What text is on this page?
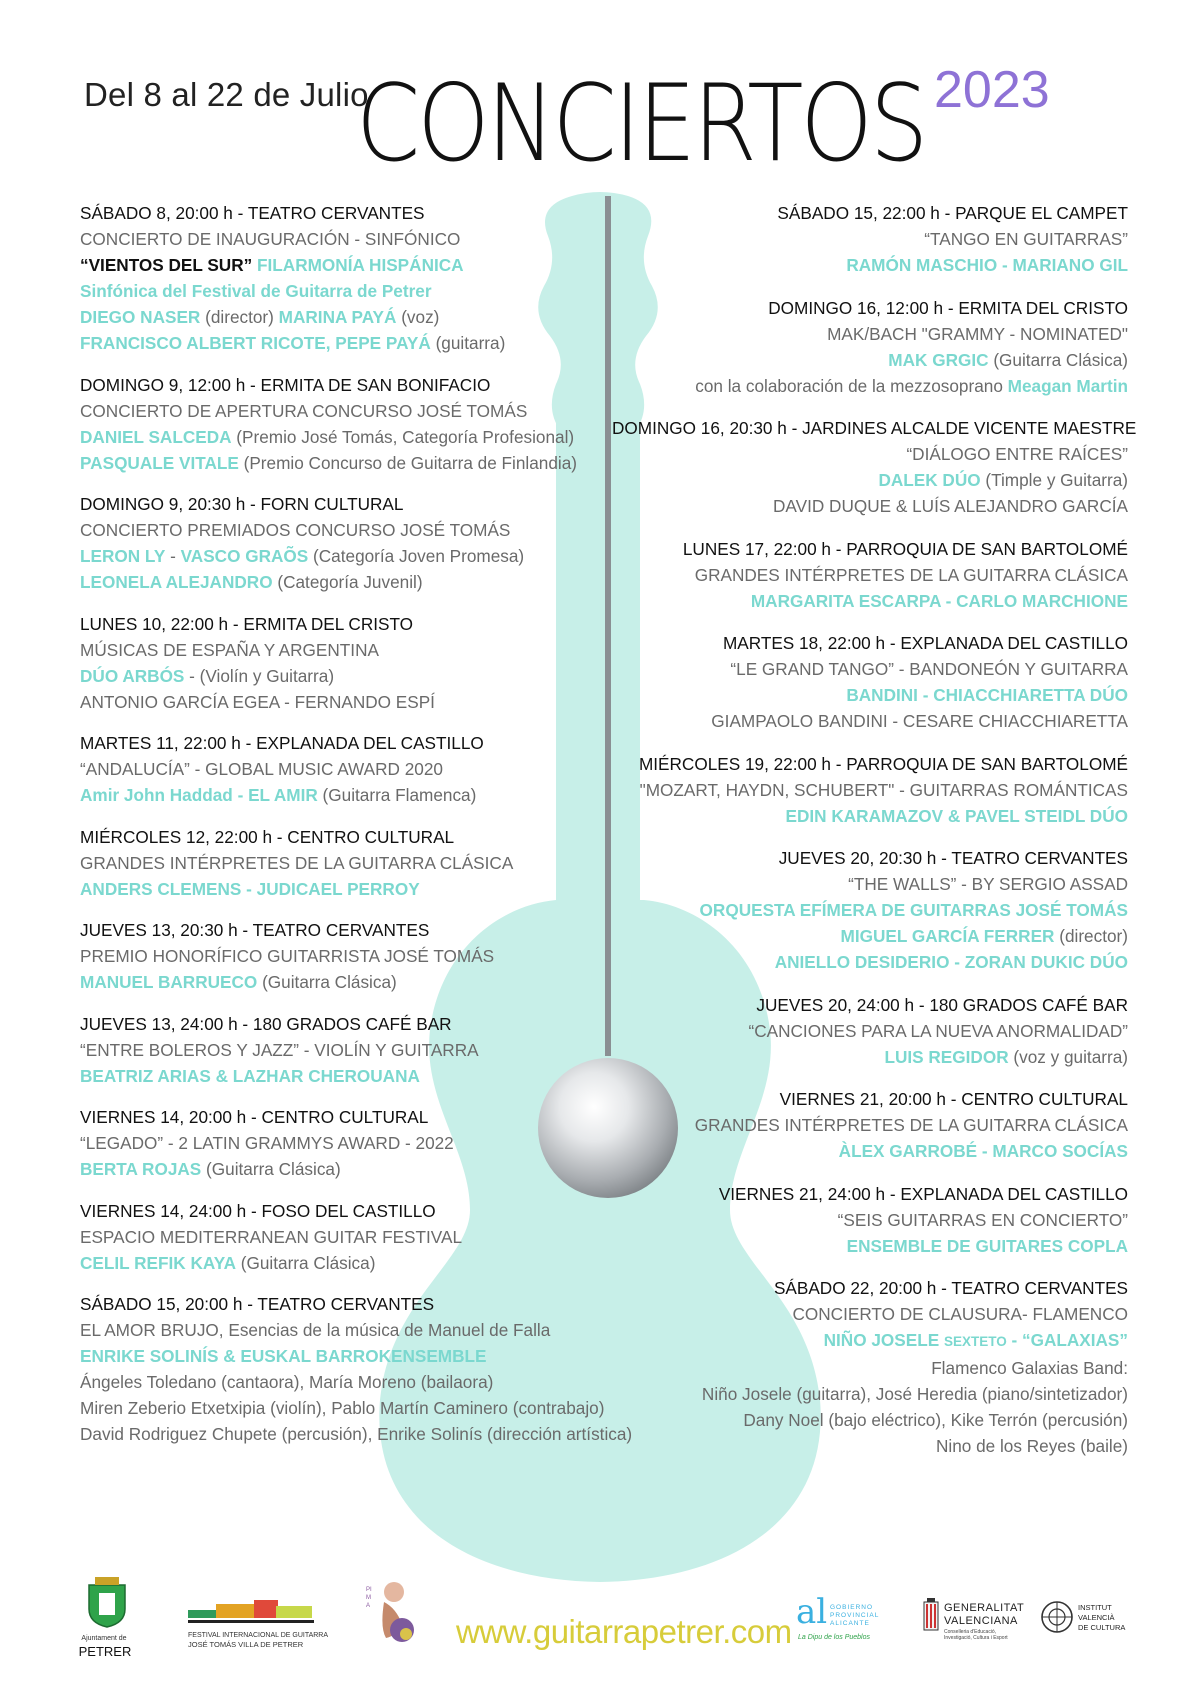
Del 8 al 22 de Julio
CONCIERTOS 2023
SÁBADO 8, 20:00 h - TEATRO CERVANTES
CONCIERTO DE INAUGURACIÓN - SINFÓNICO
“VIENTOS DEL SUR” FILARMONÍA HISPÁNICA
Sinfónica del Festival de Guitarra de Petrer
DIEGO NASER (director) MARINA PAYÁ (voz)
FRANCISCO ALBERT RICOTE, PEPE PAYÁ (guitarra)
DOMINGO 9, 12:00 h - ERMITA DE SAN BONIFACIO
CONCIERTO DE APERTURA CONCURSO JOSÉ TOMÁS
DANIEL SALCEDA (Premio José Tomás, Categoría Profesional)
PASQUALE VITALE (Premio Concurso de Guitarra de Finlandia)
DOMINGO 9, 20:30 h - FORN CULTURAL
CONCIERTO PREMIADOS CONCURSO JOSÉ TOMÁS
LERON LY - VASCO GRAÕS (Categoría Joven Promesa)
LEONELA ALEJANDRO (Categoría Juvenil)
LUNES 10, 22:00 h - ERMITA DEL CRISTO
MÚSICAS DE ESPAÑA Y ARGENTINA
DÚO ARBÓS - (Violín y Guitarra)
ANTONIO GARCÍA EGEA - FERNANDO ESPÍ
MARTES 11, 22:00 h - EXPLANADA DEL CASTILLO
“ANDALUCÍA” - GLOBAL MUSIC AWARD 2020
Amir John Haddad - EL AMIR (Guitarra Flamenca)
MIÉRCOLES 12, 22:00 h - CENTRO CULTURAL
GRANDES INTÉRPRETES DE LA GUITARRA CLÁSICA
ANDERS CLEMENS - JUDICAEL PERROY
JUEVES 13, 20:30 h - TEATRO CERVANTES
PREMIO HONORÍFICO GUITARRISTA JOSÉ TOMÁS
MANUEL BARRUECO (Guitarra Clásica)
JUEVES 13, 24:00 h - 180 GRADOS CAFÉ BAR
“ENTRE BOLEROS Y JAZZ” - VIOLÍN Y GUITARRA
BEATRIZ ARIAS & LAZHAR CHEROUANA
VIERNES 14, 20:00 h - CENTRO CULTURAL
“LEGADO” - 2 LATIN GRAMMYS AWARD - 2022
BERTA ROJAS (Guitarra Clásica)
VIERNES 14, 24:00 h - FOSO DEL CASTILLO
ESPACIO MEDITERRANEAN GUITAR FESTIVAL
CELIL REFIK KAYA (Guitarra Clásica)
SÁBADO 15, 20:00 h - TEATRO CERVANTES
EL AMOR BRUJO, Esencias de la música de Manuel de Falla
ENRIKE SOLINÍS & EUSKAL BARROKENSEMBLE
Ángeles Toledano (cantaora), María Moreno (bailaora)
Miren Zeberio Etxetxipia (violín), Pablo Martín Caminero (contrabajo)
David Rodriguez Chupete (percusión), Enrike Solinís (dirección artística)
SÁBADO 15, 22:00 h - PARQUE EL CAMPET
“TANGO EN GUITARRAS”
RAMÓN MASCHIO - MARIANO GIL
DOMINGO 16, 12:00 h - ERMITA DEL CRISTO
MAK/BACH "GRAMMY - NOMINATED"
MAK GRGIC (Guitarra Clásica)
con la colaboración de la mezzosoprano Meagan Martin
DOMINGO 16, 20:30 h - JARDINES ALCALDE VICENTE MAESTRE
“DIÁLOGO ENTRE RAÍCES”
DALEK DÚO (Timple y Guitarra)
DAVID DUQUE & LUÍS ALEJANDRO GARCÍA
LUNES 17, 22:00 h - PARROQUIA DE SAN BARTOLOMÉ
GRANDES INTÉRPRETES DE LA GUITARRA CLÁSICA
MARGARITA ESCARPA - CARLO MARCHIONE
MARTES 18, 22:00 h - EXPLANADA DEL CASTILLO
“LE GRAND TANGO” - BANDONEÓN Y GUITARRA
BANDINI - CHIACCHIARETTA DÚO
GIAMPAOLO BANDINI - CESARE CHIACCHIARETTA
MIÉRCOLES 19, 22:00 h - PARROQUIA DE SAN BARTOLOMÉ
"MOZART, HAYDN, SCHUBERT" - GUITARRAS ROMÁNTICAS
EDIN KARAMAZOV & PAVEL STEIDL DÚO
JUEVES 20, 20:30 h - TEATRO CERVANTES
“THE WALLS” - BY SERGIO ASSAD
ORQUESTA EFÍMERA DE GUITARRAS JOSÉ TOMÁS
MIGUEL GARCÍA FERRER (director)
ANIELLO DESIDERIO - ZORAN DUKIC DÚO
JUEVES 20, 24:00 h - 180 GRADOS CAFÉ BAR
“CANCIONES PARA LA NUEVA ANORMALIDAD”
LUIS REGIDOR (voz y guitarra)
VIERNES 21, 20:00 h - CENTRO CULTURAL
GRANDES INTÉRPRETES DE LA GUITARRA CLÁSICA
ÀLEX GARROBÉ - MARCO SOCÍAS
VIERNES 21, 24:00 h - EXPLANADA DEL CASTILLO
“SEIS GUITARRAS EN CONCIERTO”
ENSEMBLE DE GUITARES COPLA
SÁBADO 22, 20:00 h - TEATRO CERVANTES
CONCIERTO DE CLAUSURA- FLAMENCO
NIÑO JOSELE SEXTETO - “GALAXIAS”
Flamenco Galaxias Band:
Niño Josele (guitarra), José Heredia (piano/sintetizador)
Dany Noel (bajo eléctrico), Kike Terrón (percusión)
Nino de los Reyes (baile)
Ajuntament de
PETRER
FESTIVAL INTERNACIONAL DE GUITARRA
JOSÉ TOMÁS VILLA DE PETRER
PIMA
www.guitarrapetrer.com al GOBIERNO
PROVINCIAL
ALICANTE
La Dipu de los Pueblos
GENERALITAT
VALENCIANA
Conselleria d'Educació,
Investigació, Cultura i Esport
INSTITUT
VALENCIÀ
DE CULTURA
